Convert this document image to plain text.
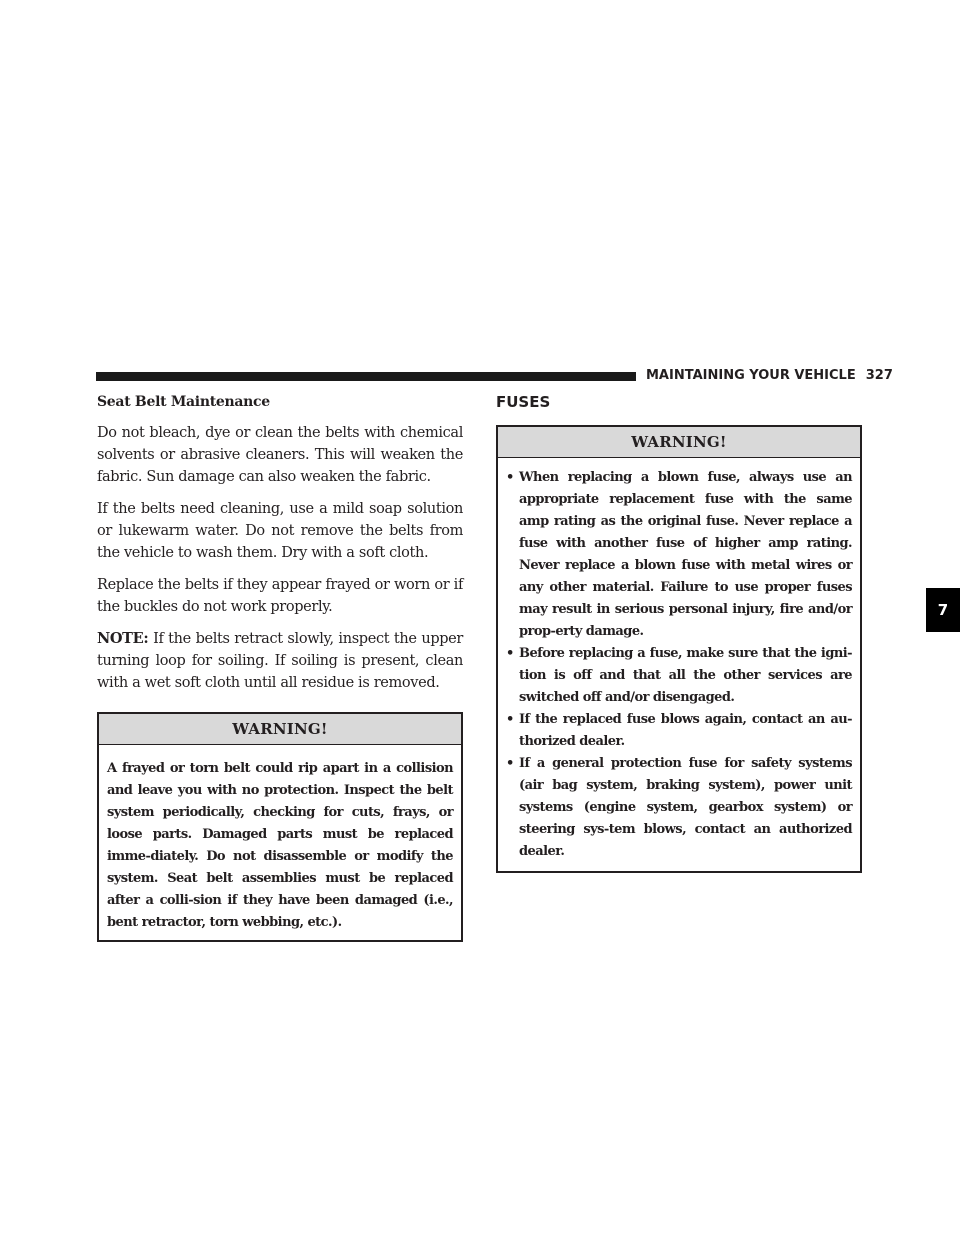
MAINTAINING YOUR VEHICLE 327
7
Seat Belt Maintenance

Do not bleach, dye or clean the belts with chemical solvents or abrasive cleaners. This will weaken the fabric. Sun damage can also weaken the fabric.

If the belts need cleaning, use a mild soap solution or lukewarm water. Do not remove the belts from the vehicle to wash them. Dry with a soft cloth.

Replace the belts if they appear frayed or worn or if the buckles do not work properly.

NOTE: If the belts retract slowly, inspect the upper turning loop for soiling. If soiling is present, clean with a wet soft cloth until all residue is removed.

WARNING!
A frayed or torn belt could rip apart in a collision and leave you with no protection. Inspect the belt system periodically, checking for cuts, frays, or loose parts. Damaged parts must be replaced imme-diately. Do not disassemble or modify the system. Seat belt assemblies must be replaced after a colli-sion if they have been damaged (i.e., bent retractor, torn webbing, etc.).
FUSES
WARNING!
• When replacing a blown fuse, always use an appropriate replacement fuse with the same amp rating as the original fuse. Never replace a fuse with another fuse of higher amp rating. Never replace a blown fuse with metal wires or any other material. Failure to use proper fuses may result in serious personal injury, fire and/or prop-erty damage.
• Before replacing a fuse, make sure that the igni-tion is off and that all the other services are switched off and/or disengaged.
• If the replaced fuse blows again, contact an au-thorized dealer.
• If a general protection fuse for safety systems (air bag system, braking system), power unit systems (engine system, gearbox system) or steering sys-tem blows, contact an authorized dealer.
